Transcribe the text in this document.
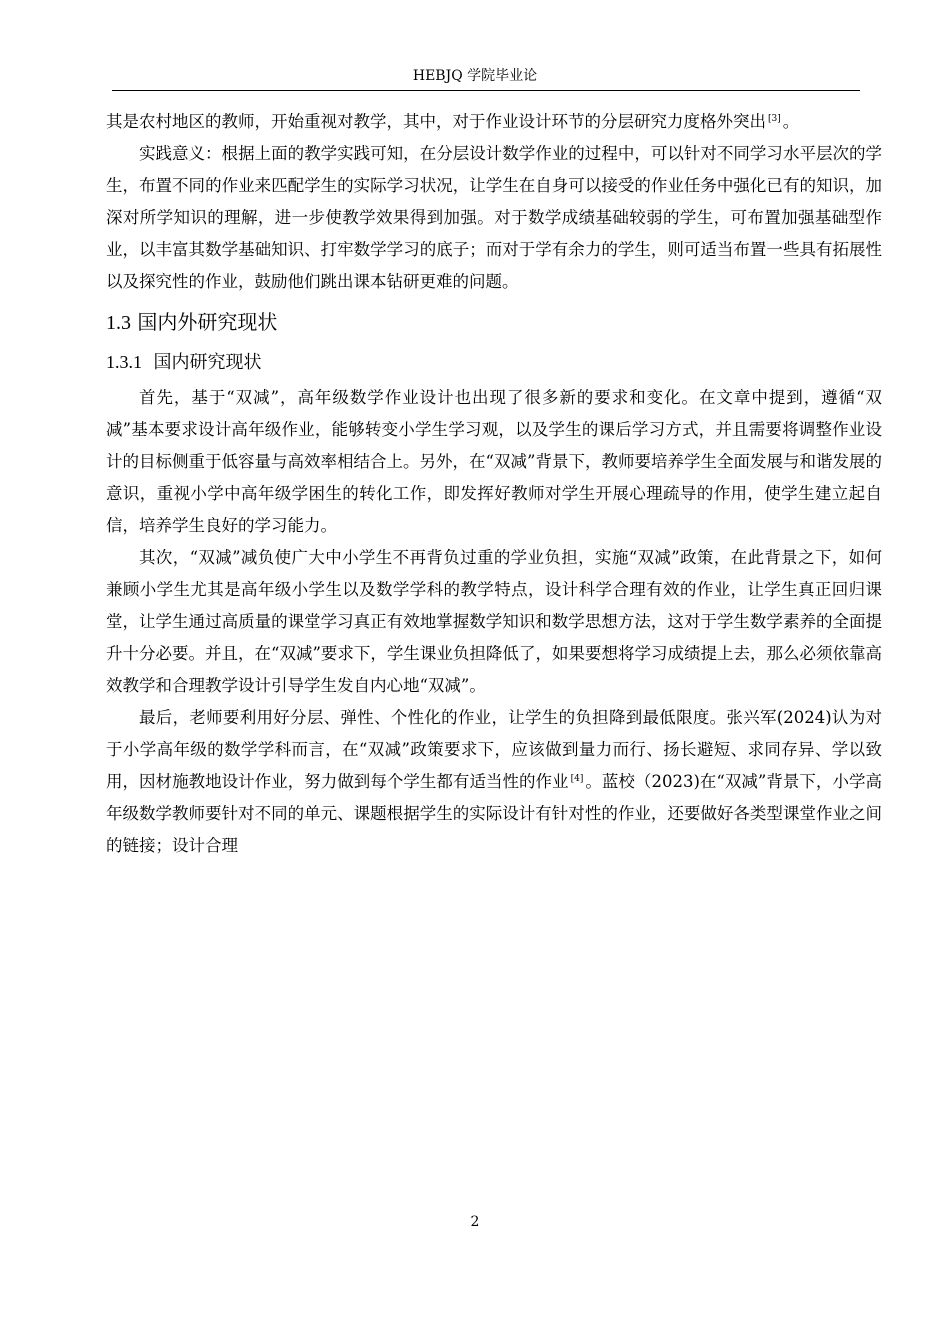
HEBJQ 学院毕业论

其是农村地区的教师，开始重视对教学，其中，对于作业设计环节的分层研究力度格外突出 [3] 。

实践意义：根据上面的教学实践可知，在分层设计数学作业的过程中，可以针对不同学习水平层次的学生，布置不同的作业来匹配学生的实际学习状况，让学生在自身可以接受的作业任务中强化已有的知识，加深对所学知识的理解，进一步使教学效果得到加强。对于数学成绩基础较弱的学生，可布置加强基础型作业，以丰富其数学基础知识、打牢数学学习的底子；而对于学有余力的学生，则可适当布置一些具有拓展性以及探究性的作业，鼓励他们跳出课本钻研更难的问题。

1.3 国内外研究现状
1.3.1 国内研究现状

首先，基于“双减”，高年级数学作业设计也出现了很多新的要求和变化。在文章中提到，遵循“双减”基本要求设计高年级作业，能够转变小学生学习观，以及学生的课后学习方式，并且需要将调整作业设计的目标侧重于低容量与高效率相结合上。另外，在“双减”背景下，教师要培养学生全面发展与和谐发展的意识，重视小学中高年级学困生的转化工作，即发挥好教师对学生开展心理疏导的作用，使学生建立起自信，培养学生良好的学习能力。

其次，“双减”减负使广大中小学生不再背负过重的学业负担，实施“双减”政策，在此背景之下，如何兼顾小学生尤其是高年级小学生以及数学学科的教学特点，设计科学合理有效的作业，让学生真正回归课堂，让学生通过高质量的课堂学习真正有效地掌握数学知识和数学思想方法，这对于学生数学素养的全面提升十分必要。并且，在“双减”要求下，学生课业负担降低了，如果要想将学习成绩提上去，那么必须依靠高效教学和合理教学设计引导学生发自内心地“双减”。

最后，老师要利用好分层、弹性、个性化的作业，让学生的负担降到最低限度。张兴军(2024)认为对于小学高年级的数学学科而言，在“双减”政策要求下，应该做到量力而行、扬长避短、求同存异、学以致用，因材施教地设计作业，努力做到每个学生都有适当性的作业 [4] 。蓝校（2023)在“双减”背景下，小学高年级数学教师要针对不同的单元、课题根据学生的实际设计有针对性的作业，还要做好各类型课堂作业之间的链接；设计合理

2
